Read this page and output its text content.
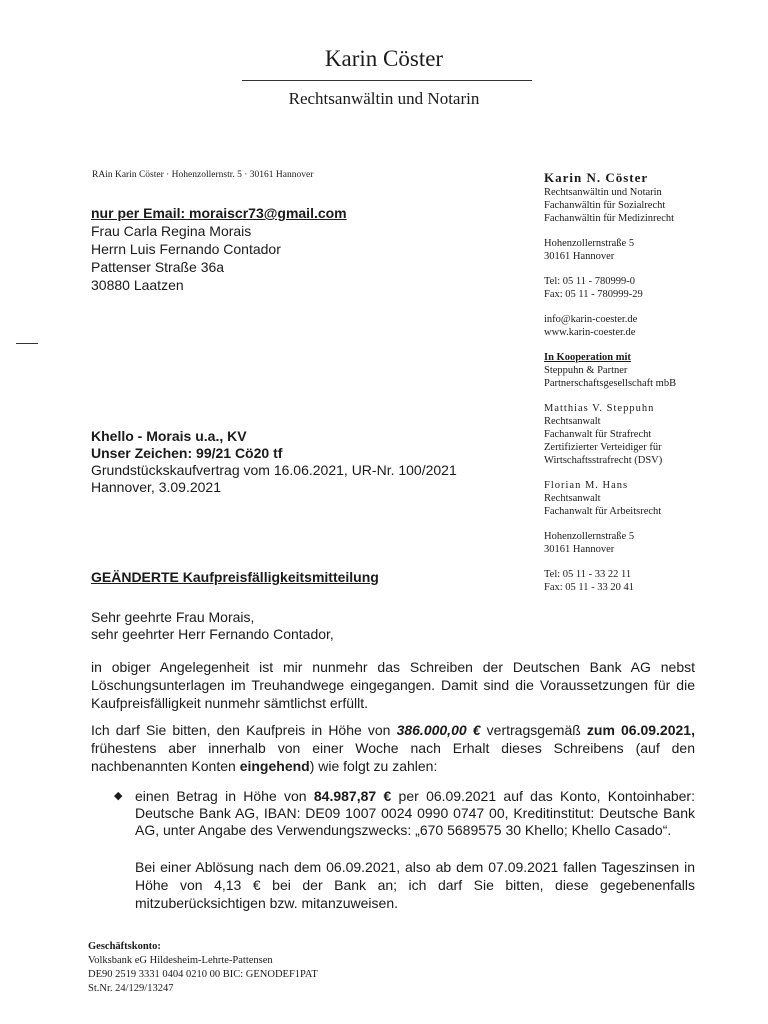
Karin Cöster
Rechtsanwältin und Notarin
RAin Karin Cöster · Hohenzollernstr. 5 · 30161 Hannover
nur per Email: moraiscr73@gmail.com
Frau Carla Regina Morais
Herrn Luis Fernando Contador
Pattenser Straße 36a
30880 Laatzen
Karin N. Cöster
Rechtsanwältin und Notarin
Fachanwältin für Sozialrecht
Fachanwältin für Medizinrecht
Hohenzollernstraße 5
30161 Hannover
Tel: 05 11 - 780999-0
Fax: 05 11 - 780999-29
info@karin-coester.de
www.karin-coester.de
In Kooperation mit
Steppuhn & Partner
Partnerschaftsgesellschaft mbB
Matthias V. Steppuhn
Rechtsanwalt
Fachanwalt für Strafrecht
Zertifizierter Verteidiger für
Wirtschaftsstrafrecht (DSV)
Florian M. Hans
Rechtsanwalt
Fachanwalt für Arbeitsrecht
Hohenzollernstraße 5
30161 Hannover
Tel: 05 11 - 33 22 11
Fax: 05 11 - 33 20 41
Khello - Morais u.a., KV
Unser Zeichen: 99/21 Cö20 tf
Grundstückskaufvertrag vom 16.06.2021, UR-Nr. 100/2021
Hannover, 3.09.2021
GEÄNDERTE Kaufpreisfälligkeitsmitteilung
Sehr geehrte Frau Morais,
sehr geehrter Herr Fernando Contador,
in obiger Angelegenheit ist mir nunmehr das Schreiben der Deutschen Bank AG nebst Löschungsunterlagen im Treuhandwege eingegangen. Damit sind die Voraussetzungen für die Kaufpreisfälligkeit nunmehr sämtlichst erfüllt.
Ich darf Sie bitten, den Kaufpreis in Höhe von 386.000,00 € vertragsgemäß zum 06.09.2021, frühestens aber innerhalb von einer Woche nach Erhalt dieses Schreibens (auf den nachbenannten Konten eingehend) wie folgt zu zahlen:
◆ einen Betrag in Höhe von 84.987,87 € per 06.09.2021 auf das Konto, Kontoinhaber: Deutsche Bank AG, IBAN: DE09 1007 0024 0990 0747 00, Kreditinstitut: Deutsche Bank AG, unter Angabe des Verwendungszwecks: „670 5689575 30 Khello; Khello Casado“.
Bei einer Ablösung nach dem 06.09.2021, also ab dem 07.09.2021 fallen Tageszinsen in Höhe von 4,13 € bei der Bank an; ich darf Sie bitten, diese gegebenenfalls mitzuberücksichtigen bzw. mitanzuweisen.
Geschäftskonto:
Volksbank eG Hildesheim-Lehrte-Pattensen
DE90 2519 3331 0404 0210 00 BIC: GENODEF1PAT
St.Nr. 24/129/13247
